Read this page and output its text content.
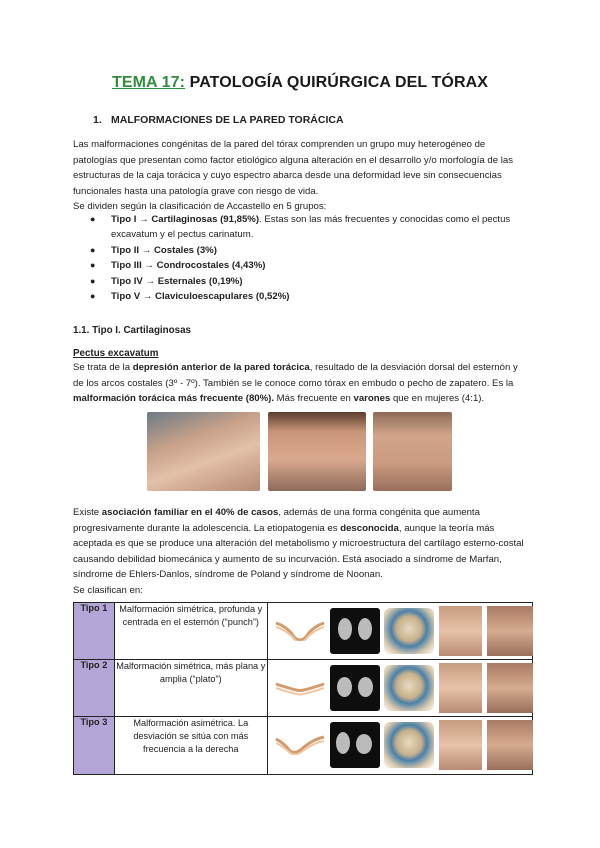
TEMA 17: PATOLOGÍA QUIRÚRGICA DEL TÓRAX
1. MALFORMACIONES DE LA PARED TORÁCICA
Las malformaciones congénitas de la pared del tórax comprenden un grupo muy heterogéneo de patologías que presentan como factor etiológico alguna alteración en el desarrollo y/o morfología de las estructuras de la caja torácica y cuyo espectro abarca desde una deformidad leve sin consecuencias funcionales hasta una patología grave con riesgo de vida.
Se dividen según la clasificación de Accastello en 5 grupos:
● Tipo I → Cartilaginosas (91,85%). Estas son las más frecuentes y conocidas como el pectus excavatum y el pectus carinatum.
● Tipo II → Costales (3%)
● Tipo III → Condrocostales (4,43%)
● Tipo IV → Esternales (0,19%)
● Tipo V → Claviculoescapulares (0,52%)
1.1. Tipo I. Cartilaginosas
Pectus excavatum
Se trata de la depresión anterior de la pared torácica, resultado de la desviación dorsal del esternón y de los arcos costales (3º - 7º). También se le conoce como tórax en embudo o pecho de zapatero. Es la malformación torácica más frecuente (80%). Más frecuente en varones que en mujeres (4:1).
Existe asociación familiar en el 40% de casos, además de una forma congénita que aumenta progresivamente durante la adolescencia. La etiopatogenia es desconocida, aunque la teoría más aceptada es que se produce una alteración del metabolismo y microestructura del cartílago esterno-costal causando debilidad biomecánica y aumento de su incurvación. Está asociado a síndrome de Marfan, síndrome de Ehlers-Danlos, síndrome de Poland y síndrome de Noonan.
Se clasifican en:
Tipo 1	Malformación simétrica, profunda y centrada en el esternón (“punch”)	

Tipo 2	Malformación simétrica, más plana y amplia (“plato”)	

Tipo 3	Malformación asimétrica. La desviación se sitúa con más frecuencia a la derecha	
